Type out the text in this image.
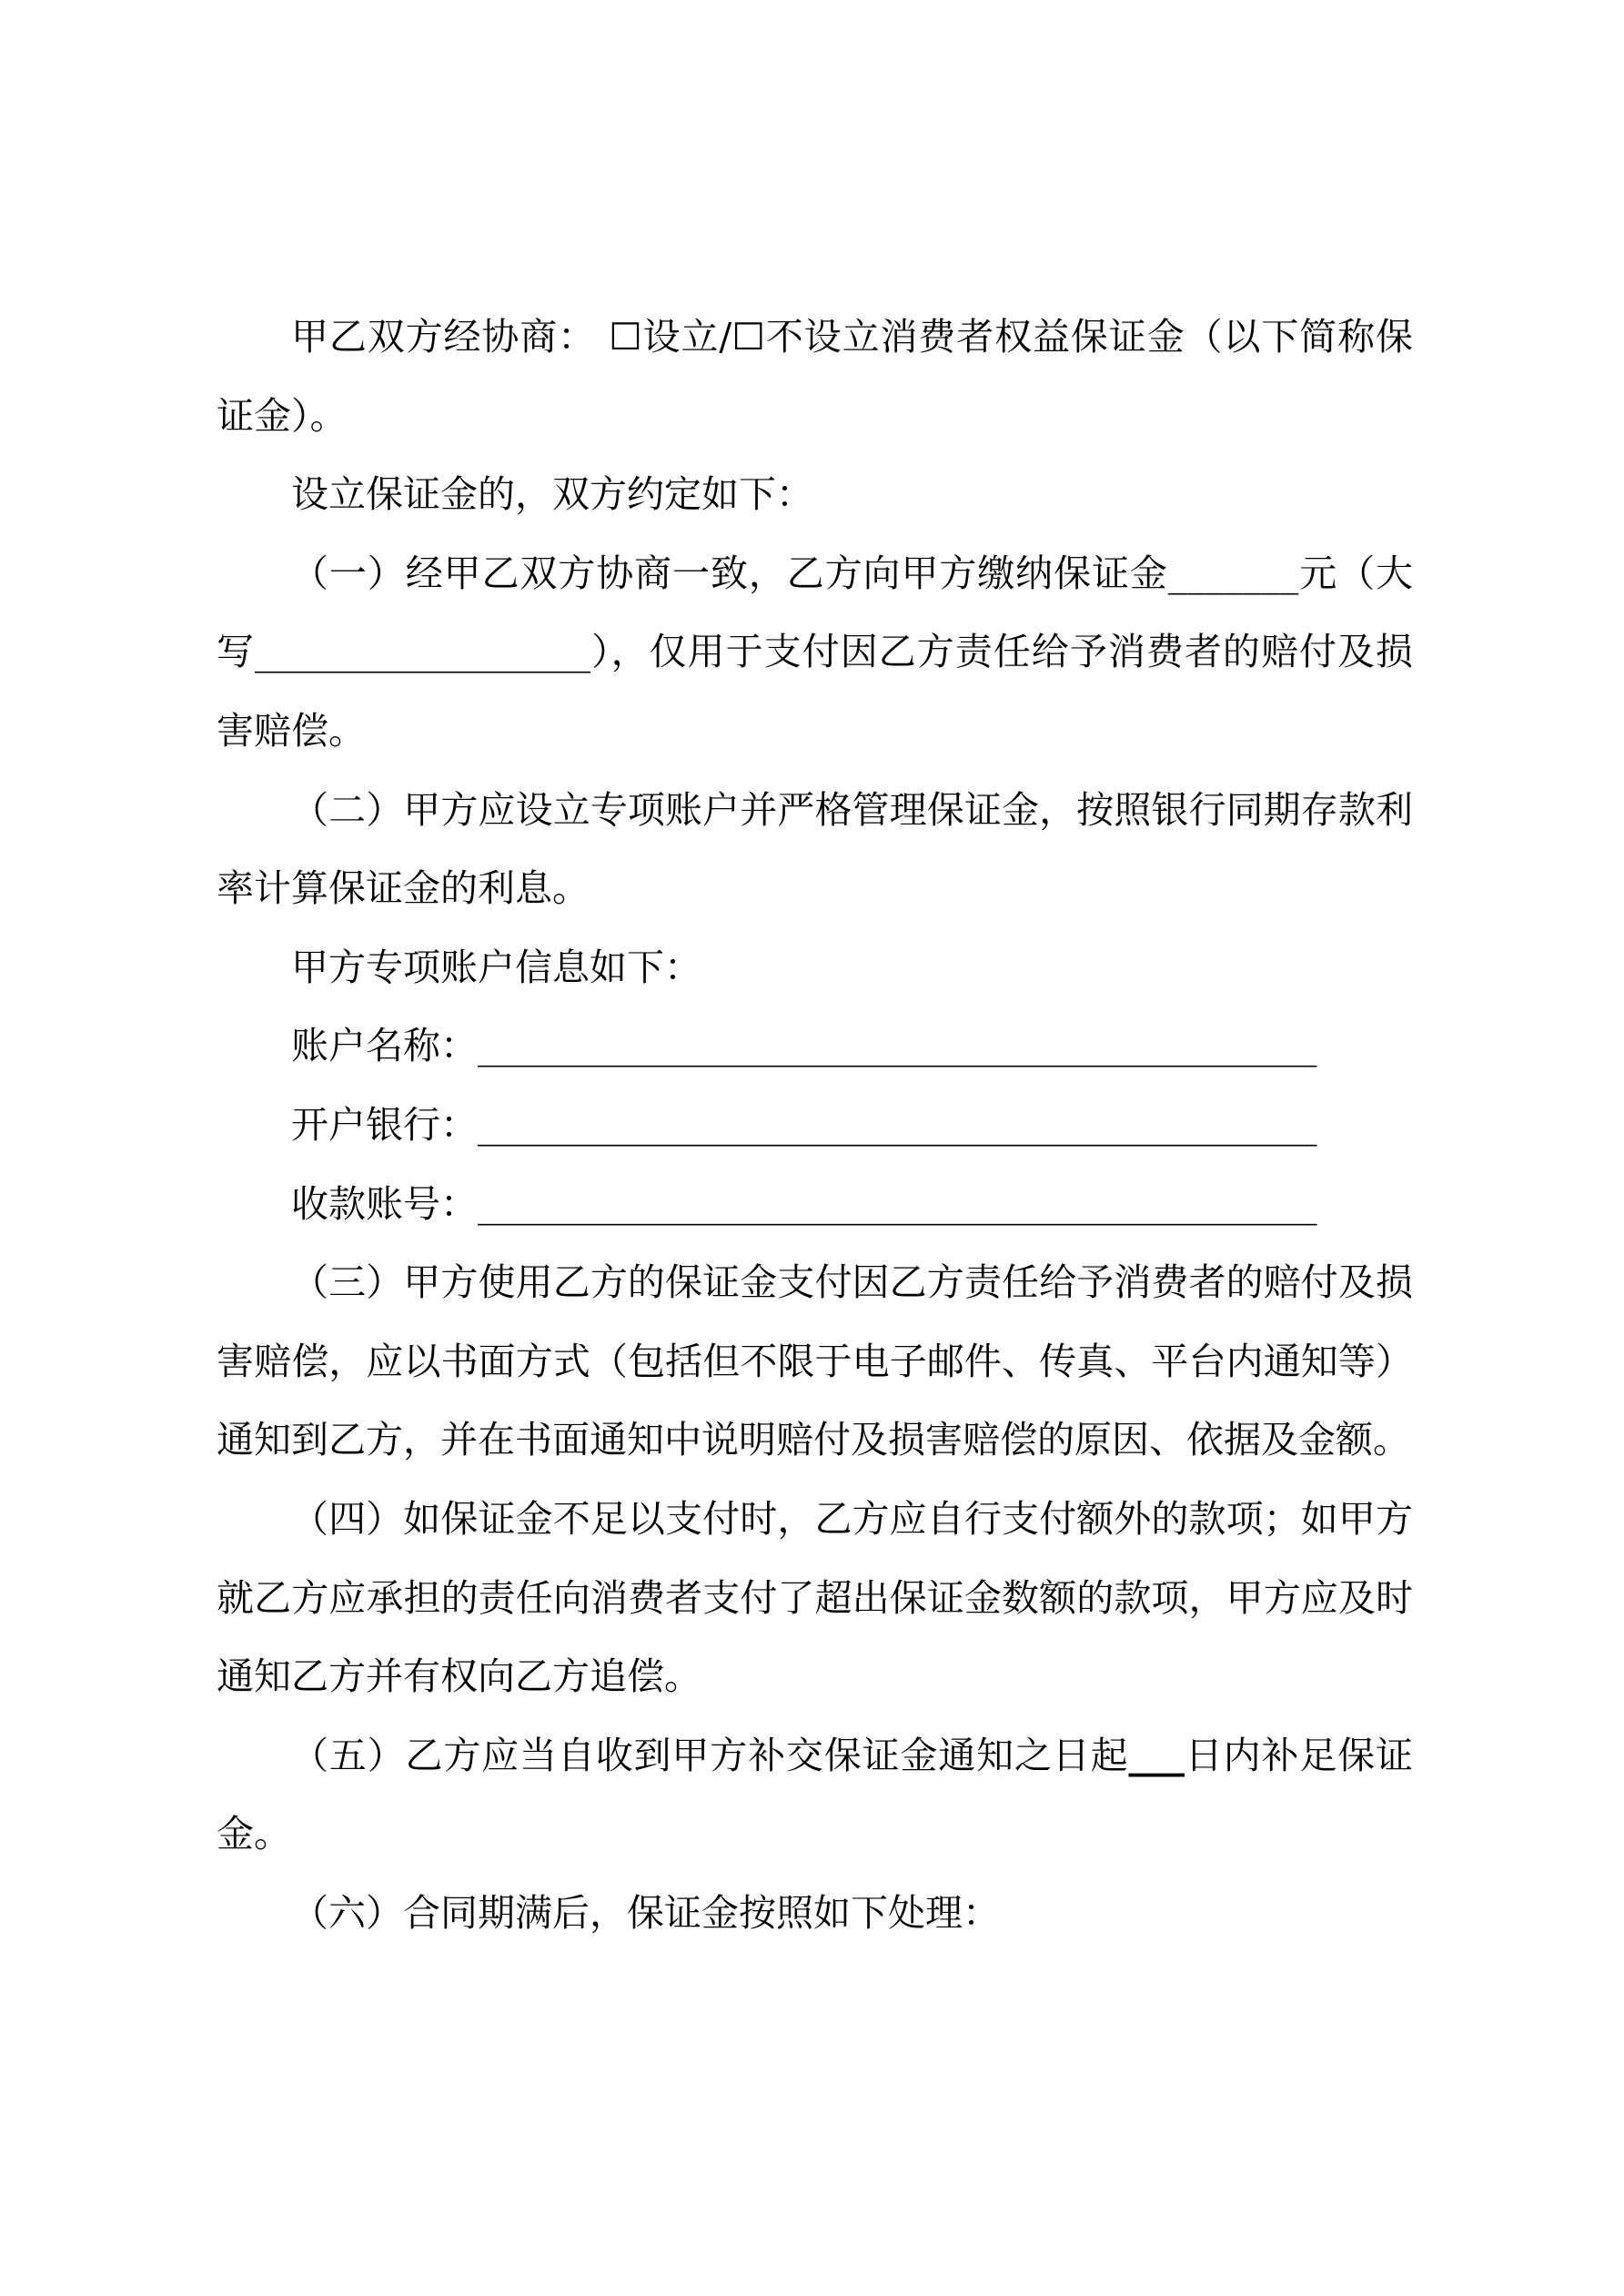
甲乙双方经协商： ☐设立/☐不设立消费者权益保证金（以下简称保证金）。

设立保证金的，双方约定如下：

（一）经甲乙双方协商一致，乙方向甲方缴纳保证金_______元（大写__________________），仅用于支付因乙方责任给予消费者的赔付及损害赔偿。

（二）甲方应设立专项账户并严格管理保证金，按照银行同期存款利率计算保证金的利息。

甲方专项账户信息如下：

账户名称：_____________________________________________

开户银行：_____________________________________________

收款账号：_____________________________________________

（三）甲方使用乙方的保证金支付因乙方责任给予消费者的赔付及损害赔偿，应以书面方式（包括但不限于电子邮件、传真、平台内通知等）通知到乙方，并在书面通知中说明赔付及损害赔偿的原因、依据及金额。

（四）如保证金不足以支付时，乙方应自行支付额外的款项；如甲方就乙方应承担的责任向消费者支付了超出保证金数额的款项，甲方应及时通知乙方并有权向乙方追偿。

（五）乙方应当自收到甲方补交保证金通知之日起___日内补足保证金。

（六）合同期满后，保证金按照如下处理：
